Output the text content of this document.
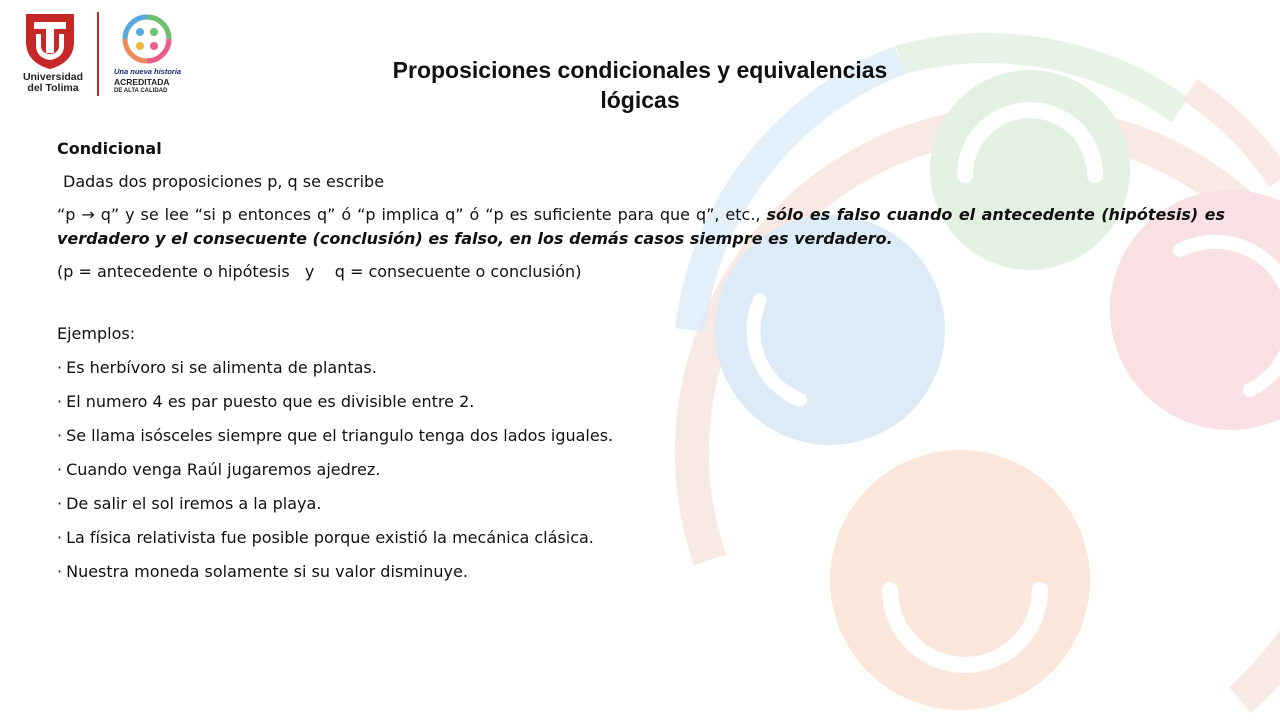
Universidad
del Tolima
Una nueva historia
ACREDITADA
DE ALTA CALIDAD
Proposiciones condicionales y equivalencias
lógicas

Condicional

Dadas dos proposiciones p, q se escribe

“p → q” y se lee “si p entonces q” ó “p implica q” ó “p es suficiente para que q”, etc., sólo es falso cuando el antecedente (hipótesis) es verdadero y el consecuente (conclusión) es falso, en los demás casos siempre es verdadero.

(p = antecedente o hipótesis   y    q = consecuente o conclusión)

Ejemplos:

· Es herbívoro si se alimenta de plantas.
· El numero 4 es par puesto que es divisible entre 2.
· Se llama isósceles siempre que el triangulo tenga dos lados iguales.
· Cuando venga Raúl jugaremos ajedrez.
· De salir el sol iremos a la playa.
· La física relativista fue posible porque existió la mecánica clásica.
· Nuestra moneda solamente si su valor disminuye.
